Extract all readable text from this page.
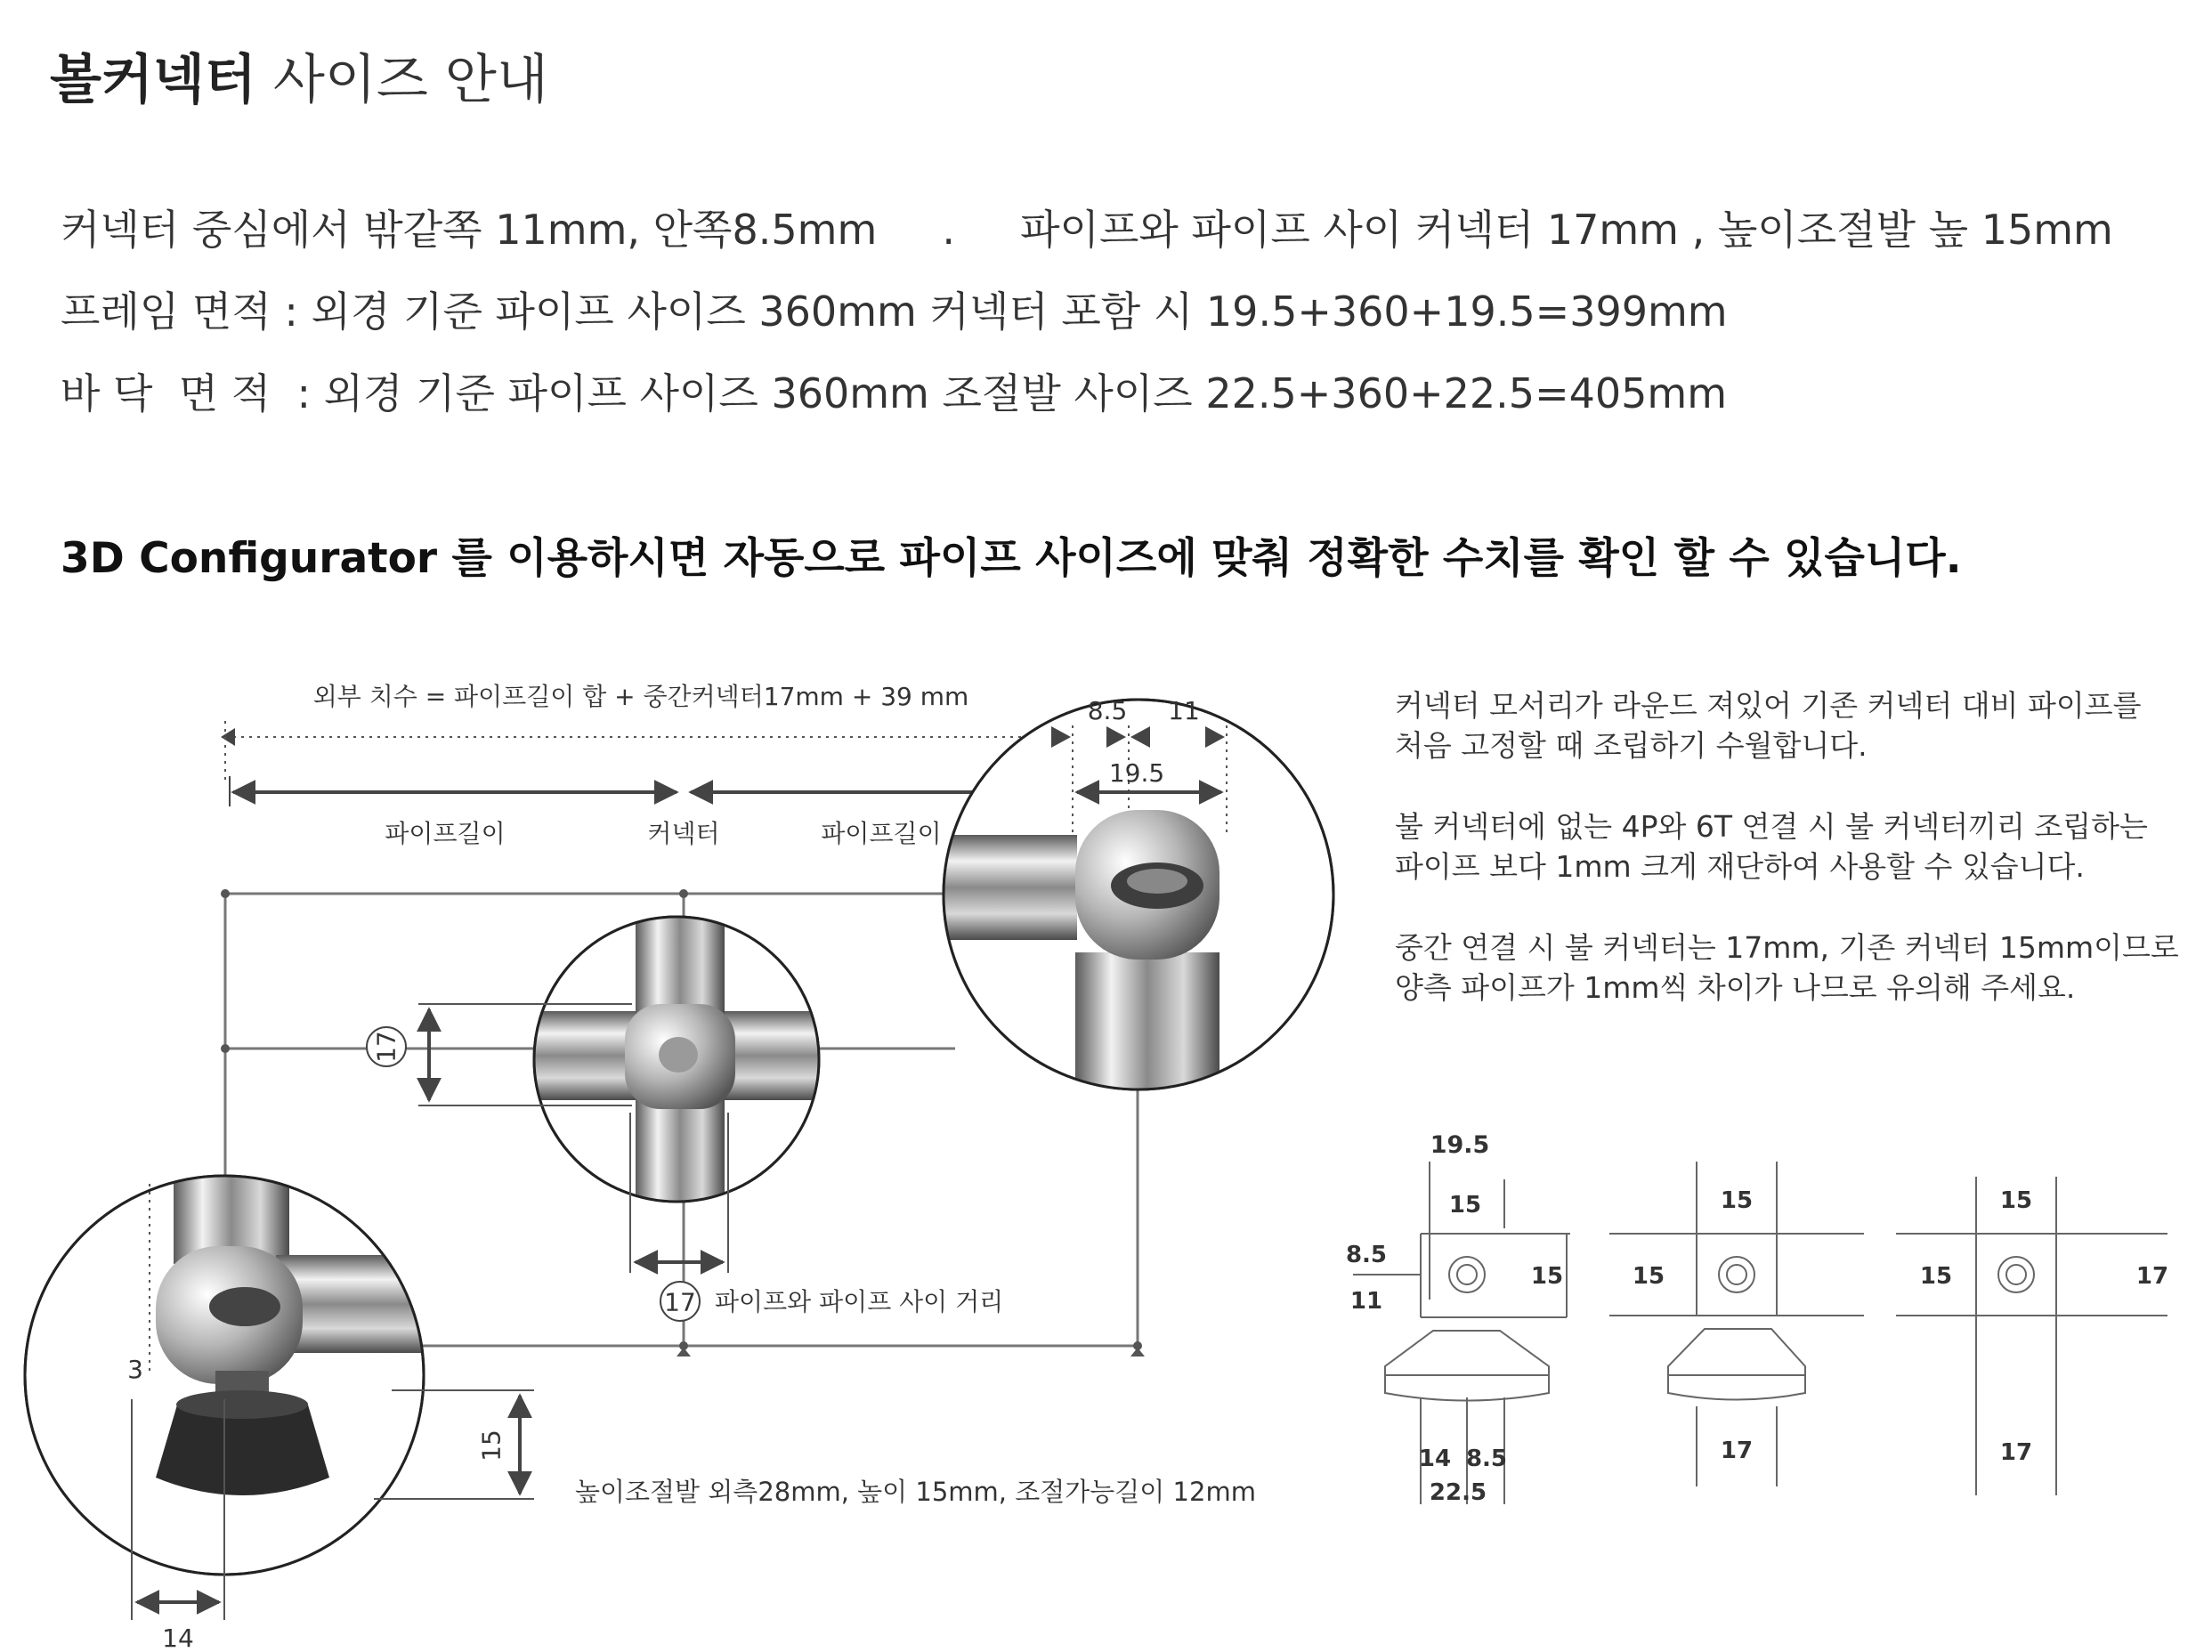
볼커넥터 사이즈 안내
커넥터 중심에서 밖같쪽 11mm, 안쪽8.5mm     .     파이프와 파이프 사이 커넥터 17mm , 높이조절발 높 15mm
프레임 면적 : 외경 기준 파이프 사이즈 360mm 커넥터 포함 시 19.5+360+19.5=399mm
바 닥  면 적  : 외경 기준 파이프 사이즈 360mm 조절발 사이즈 22.5+360+22.5=405mm
3D Configurator 를 이용하시면 자동으로 파이프 사이즈에 맞춰 정확한 수치를 확인 할 수 있습니다.
커넥터 모서리가 라운드 져있어 기존 커넥터 대비 파이프를
처음 고정할 때 조립하기 수월합니다.
불 커넥터에 없는 4P와 6T 연결 시 불 커넥터끼리 조립하는
파이프 보다 1mm 크게 재단하여 사용할 수 있습니다.
중간 연결 시 불 커넥터는 17mm, 기존 커넥터 15mm이므로
양측 파이프가 1mm씩 차이가 나므로 유의해 주세요.
외부 치수 = 파이프길이 합 + 중간커넥터17mm + 39 mm
파이프길이	커넥터	파이프길이
8.5 11
19.5
17
17 파이프와 파이프 사이 거리
14
3
15
높이조절발 외측28mm, 높이 15mm, 조절가능길이 12mm
19.5
15
8.5
11
15
14 8.5
22.5
15
15
17
15
15	17
17
